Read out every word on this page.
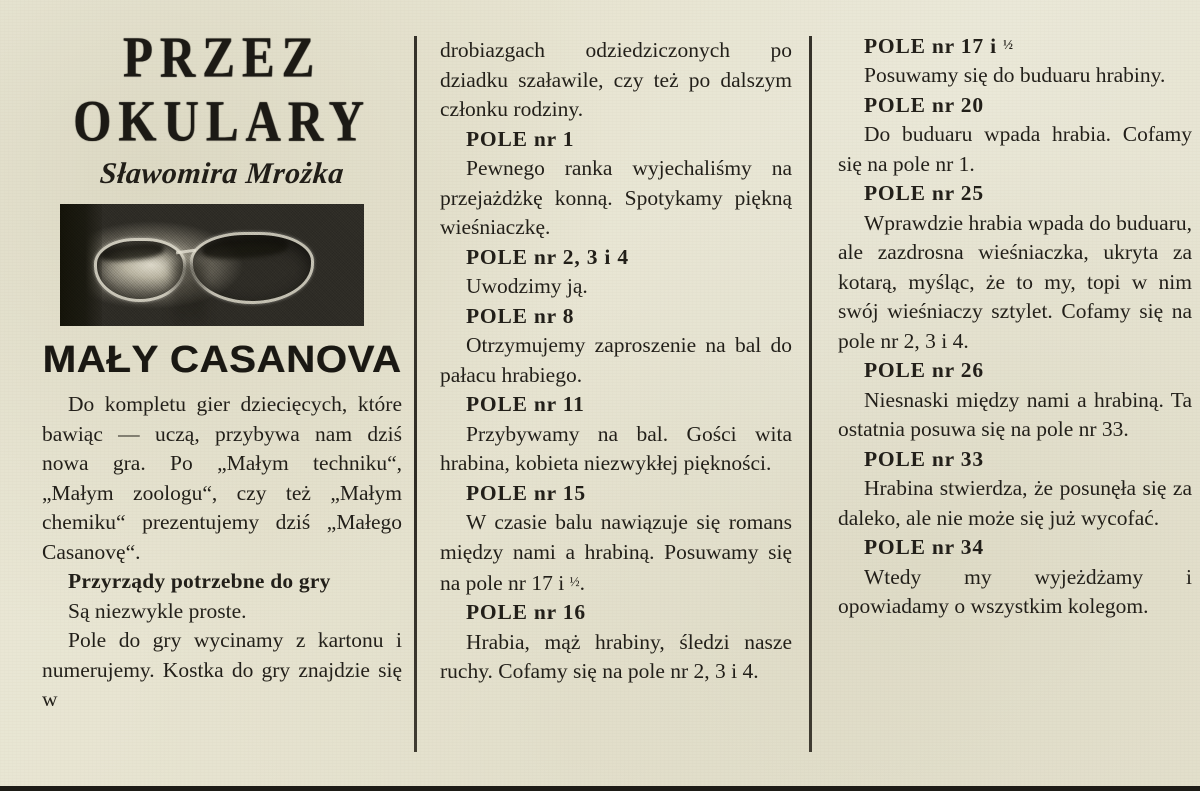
PRZEZ
OKULARY
Sławomira Mrożka
MAŁY CASANOVA

Do kompletu gier dziecięcych, które bawiąc — uczą, przybywa nam dziś nowa gra. Po „Małym techniku“, „Małym zoologu“, czy też „Małym chemiku“ prezentujemy dziś „Małego Casanovę“.

Przyrządy potrzebne do gry

Są niezwykle proste.

Pole do gry wycinamy z kartonu i numerujemy. Kostka do gry znajdzie się w

drobiazgach odziedziczonych po dziadku szaławile, czy też po dalszym członku rodziny.

POLE nr 1

Pewnego ranka wyjechaliśmy na przejażdżkę konną. Spotykamy piękną wieśniaczkę.

POLE nr 2, 3 i 4

Uwodzimy ją.

POLE nr 8

Otrzymujemy zaproszenie na bal do pałacu hrabiego.

POLE nr 11

Przybywamy na bal. Gości wita hrabina, kobieta niezwykłej piękności.

POLE nr 15

W czasie balu nawiązuje się romans między nami a hrabiną. Posuwamy się na pole nr 17 i ½.

POLE nr 16

Hrabia, mąż hrabiny, śledzi nasze ruchy. Cofamy się na pole nr 2, 3 i 4.

POLE nr 17 i ½

Posuwamy się do buduaru hrabiny.

POLE nr 20

Do buduaru wpada hrabia. Cofamy się na pole nr 1.

POLE nr 25

Wprawdzie hrabia wpada do buduaru, ale zazdrosna wieśniaczka, ukryta za kotarą, myśląc, że to my, topi w nim swój wieśniaczy sztylet. Cofamy się na pole nr 2, 3 i 4.

POLE nr 26

Niesnaski między nami a hrabiną. Ta ostatnia posuwa się na pole nr 33.

POLE nr 33

Hrabina stwierdza, że posunęła się za daleko, ale nie może się już wycofać.

POLE nr 34

Wtedy my wyjeżdżamy i opowiadamy o wszystkim kolegom.
